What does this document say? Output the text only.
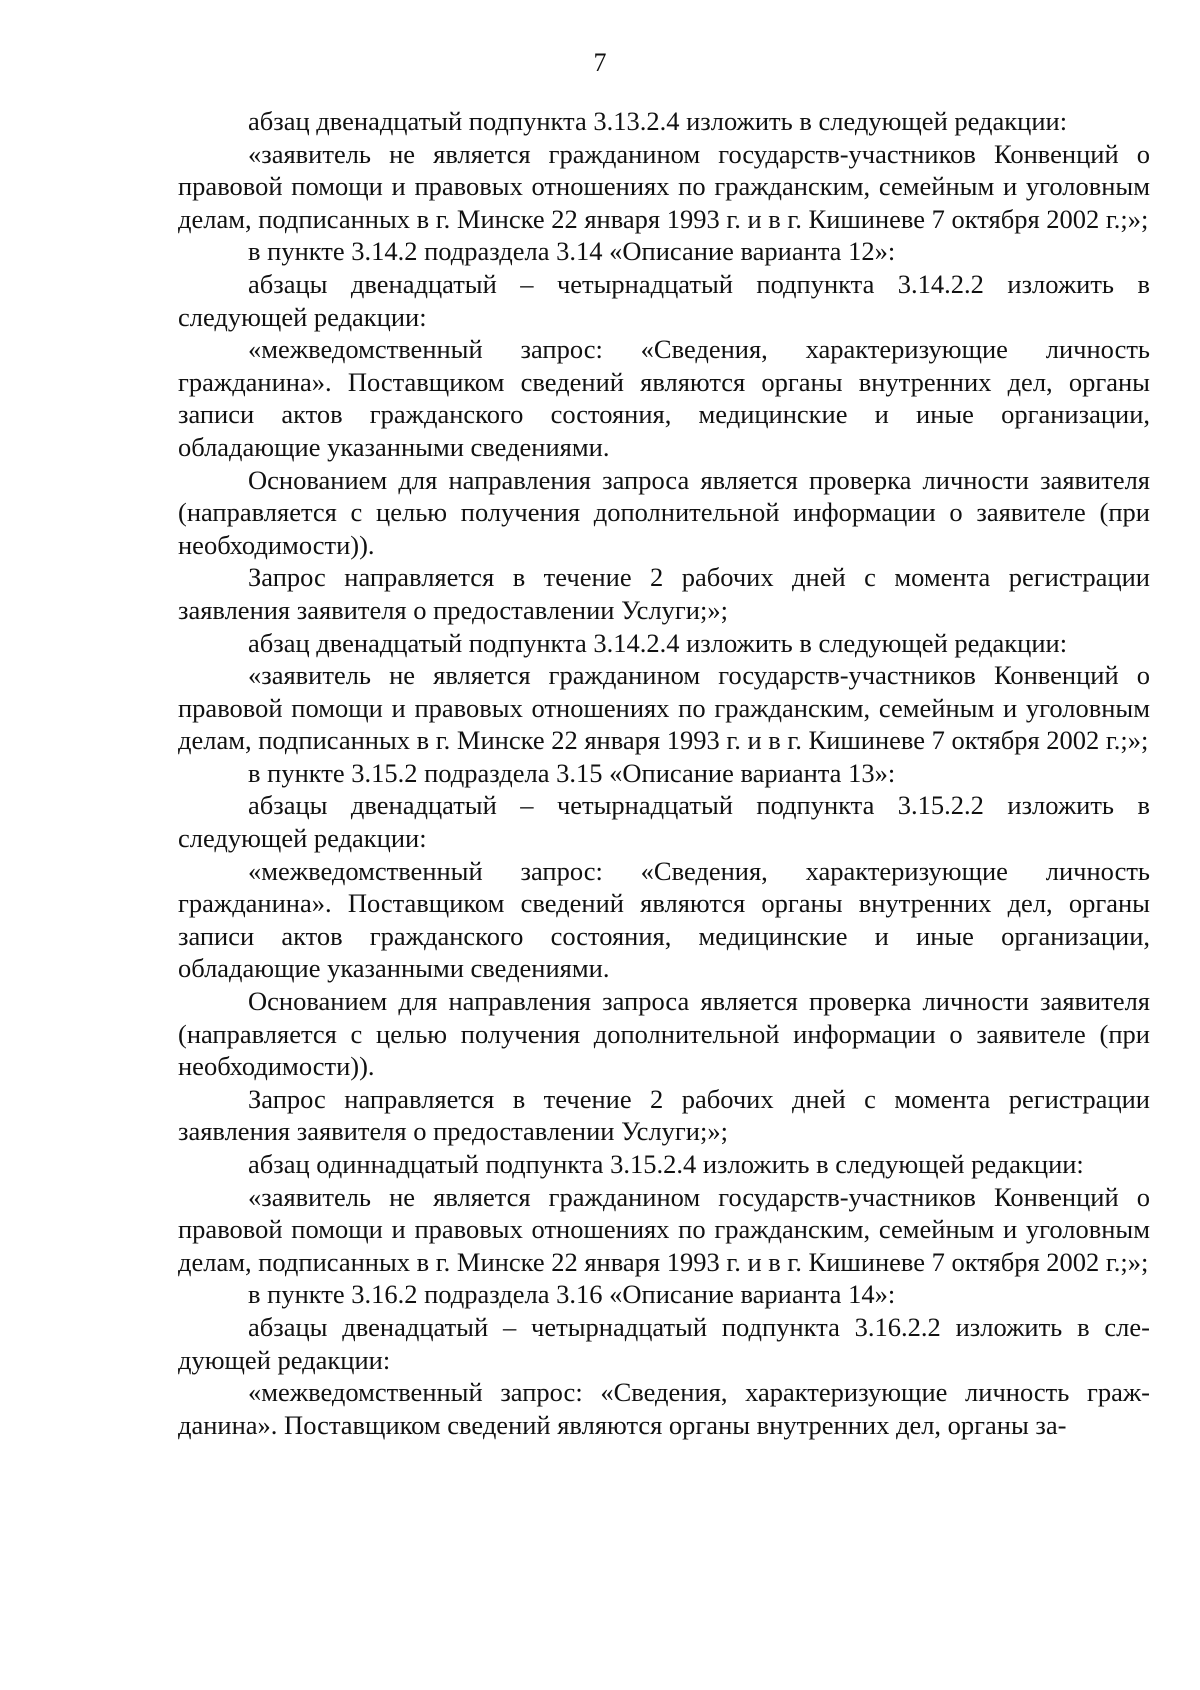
7

абзац двенадцатый подпункта 3.13.2.4 изложить в следующей редакции:

«заявитель не является гражданином государств-участников Конвенций о правовой помощи и правовых отношениях по гражданским, семейным и уголовным делам, подписанных в г. Минске 22 января 1993 г. и в г. Кишиневе 7 октября 2002 г.;»;

в пункте 3.14.2 подраздела 3.14 «Описание варианта 12»:

абзацы двенадцатый – четырнадцатый подпункта 3.14.2.2 изложить в следующей редакции:

«межведомственный запрос: «Сведения, характеризующие личность гражданина». Поставщиком сведений являются органы внутренних дел, органы записи актов гражданского состояния, медицинские и иные организации, обладающие указанными сведениями.

Основанием для направления запроса является проверка личности заявителя (направляется с целью получения дополнительной информации о заявителе (при необходимости)).

Запрос направляется в течение 2 рабочих дней с момента регистрации заявления заявителя о предоставлении Услуги;»;

абзац двенадцатый подпункта 3.14.2.4 изложить в следующей редакции:

«заявитель не является гражданином государств-участников Конвенций о правовой помощи и правовых отношениях по гражданским, семейным и уголовным делам, подписанных в г. Минске 22 января 1993 г. и в г. Кишиневе 7 октября 2002 г.;»;

в пункте 3.15.2 подраздела 3.15 «Описание варианта 13»:

абзацы двенадцатый – четырнадцатый подпункта 3.15.2.2 изложить в следующей редакции:

«межведомственный запрос: «Сведения, характеризующие личность гражданина». Поставщиком сведений являются органы внутренних дел, органы записи актов гражданского состояния, медицинские и иные организации, обладающие указанными сведениями.

Основанием для направления запроса является проверка личности заявителя (направляется с целью получения дополнительной информации о заявителе (при необходимости)).

Запрос направляется в течение 2 рабочих дней с момента регистрации заявления заявителя о предоставлении Услуги;»;

абзац одиннадцатый подпункта 3.15.2.4 изложить в следующей редакции:

«заявитель не является гражданином государств-участников Конвенций о правовой помощи и правовых отношениях по гражданским, семейным и уголовным делам, подписанных в г. Минске 22 января 1993 г. и в г. Кишиневе 7 октября 2002 г.;»;

в пункте 3.16.2 подраздела 3.16 «Описание варианта 14»:

абзацы двенадцатый – четырнадцатый подпункта 3.16.2.2 изложить в следующей редакции:

«межведомственный запрос: «Сведения, характеризующие личность гражданина». Поставщиком сведений являются органы внутренних дел, органы за-
